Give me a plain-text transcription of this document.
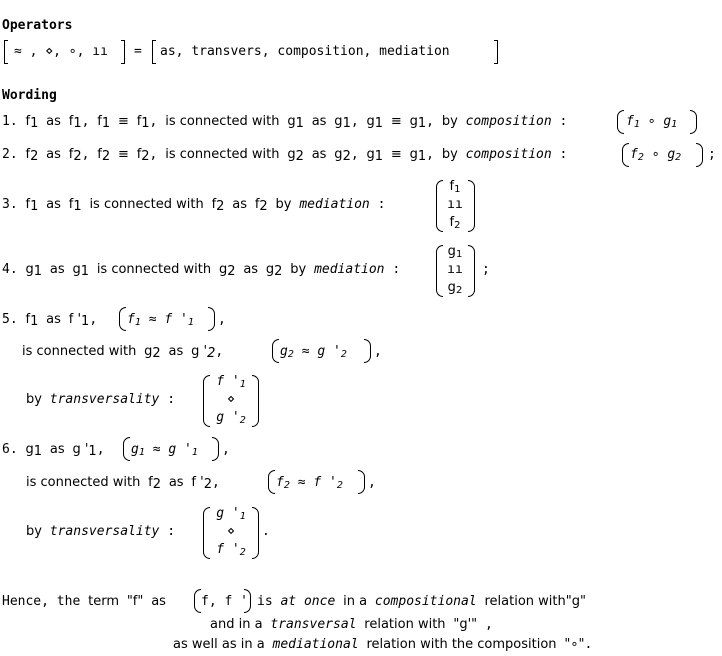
Operators
≈ , ⋄, ∘, ıı = as, transvers, composition, mediation
Wording
1. $f_1$ as $f_1$, $f_1 \equiv f_1$, is connected with $g_1$ as $g_1$, $g_1 \equiv g_1$, by composition :	$f_1$ ∘ $g_1$
2. $f_2$ as $f_2$, $f_2 \equiv f_2$, is connected with $g_2$ as $g_2$, $g_1 \equiv g_1$, by composition :	$f_2$ ∘ $g_2$ ;
3. $f_1$ as $f_1$ is connected with $f_2$ as $f_2$ by mediation :
$f_1$
ıı
$f_2$
4. $g_1$ as $g_1$ is connected with $g_2$ as $g_2$ by mediation :
$g_1$
ıı
$g_2$
;
5. $f_1$ as f '$_1$, $f_1 \approx f$ '$_1$ ,
is connected with $g_2$ as g '$_2$,	$g_2 \approx g$ '$_2$ ,
by transversality :
f '$_1$
⋄
g '$_2$
6. $g_1$ as g '$_1$, $g_1 \approx g$ '$_1$ ,
is connected with $f_2$ as f '$_2$,	$f_2 \approx f$ '$_2$ ,
by transversality :
g '$_1$
⋄
f '$_2$
.
Hence, the term "f" as	f, f ' is at once in a compositional relation with"g"
and in a transversal relation with "g'" ,
as well as in a mediational relation with the composition "∘".
